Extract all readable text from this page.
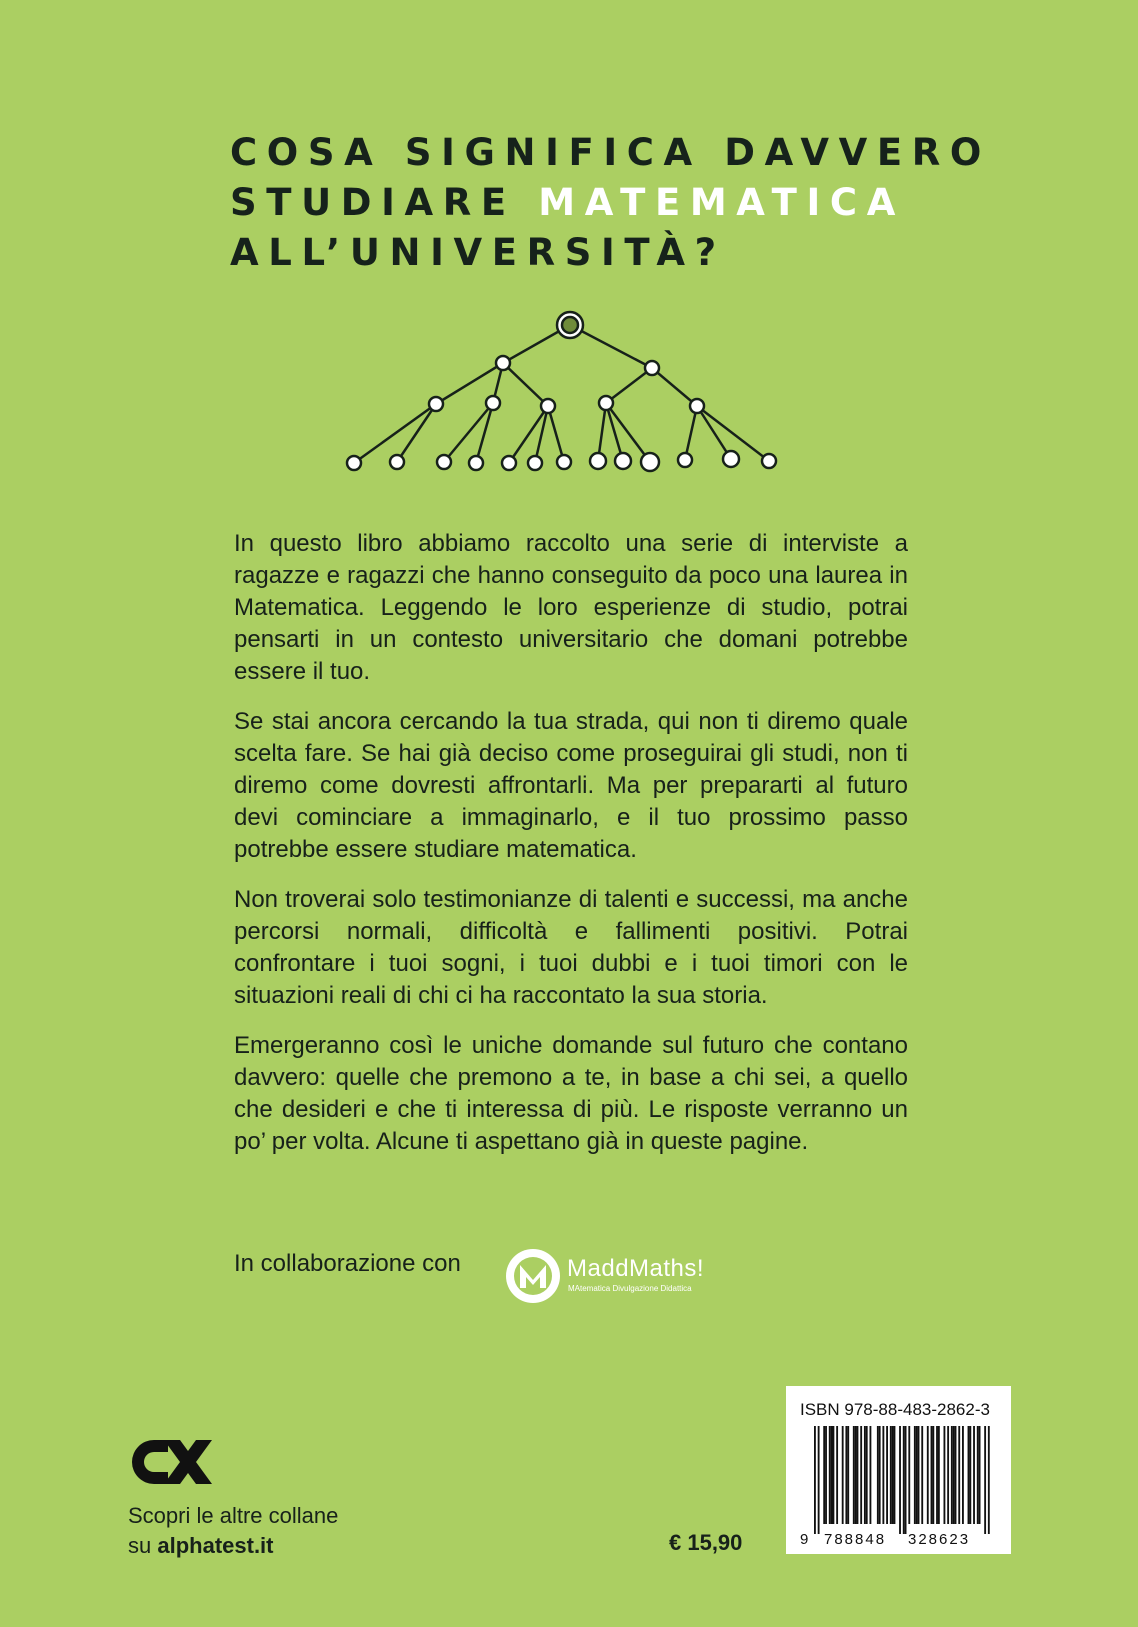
COSA SIGNIFICA DAVVERO
STUDIARE MATEMATICA
ALL’UNIVERSITÀ?

In questo libro abbiamo raccolto una serie di interviste a ragazze e ragazzi che hanno conseguito da poco una laurea in Matematica. Leggendo le loro esperienze di studio, potrai pensarti in un contesto universitario che domani potrebbe essere il tuo.

Se stai ancora cercando la tua strada, qui non ti diremo quale scelta fare. Se hai già deciso come proseguirai gli studi, non ti diremo come dovresti affrontarli. Ma per prepararti al futuro devi cominciare a immaginarlo, e il tuo prossimo passo potrebbe essere studiare matematica.

Non troverai solo testimonianze di talenti e successi, ma anche percorsi normali, difficoltà e fallimenti positivi. Potrai confrontare i tuoi sogni, i tuoi dubbi e i tuoi timori con le situazioni reali di chi ci ha raccontato la sua storia.

Emergeranno così le uniche domande sul futuro che contano davvero: quelle che premono a te, in base a chi sei, a quello che desideri e che ti interessa di più. Le risposte verranno un po’ per volta. Alcune ti aspettano già in queste pagine.

In collaborazione con	MaddMaths!
MAtematica Divulgazione Didattica
Scopri le altre collane
su alphatest.it	€ 15,90
ISBN 978-88-483-2862-3
9 788848 328623
